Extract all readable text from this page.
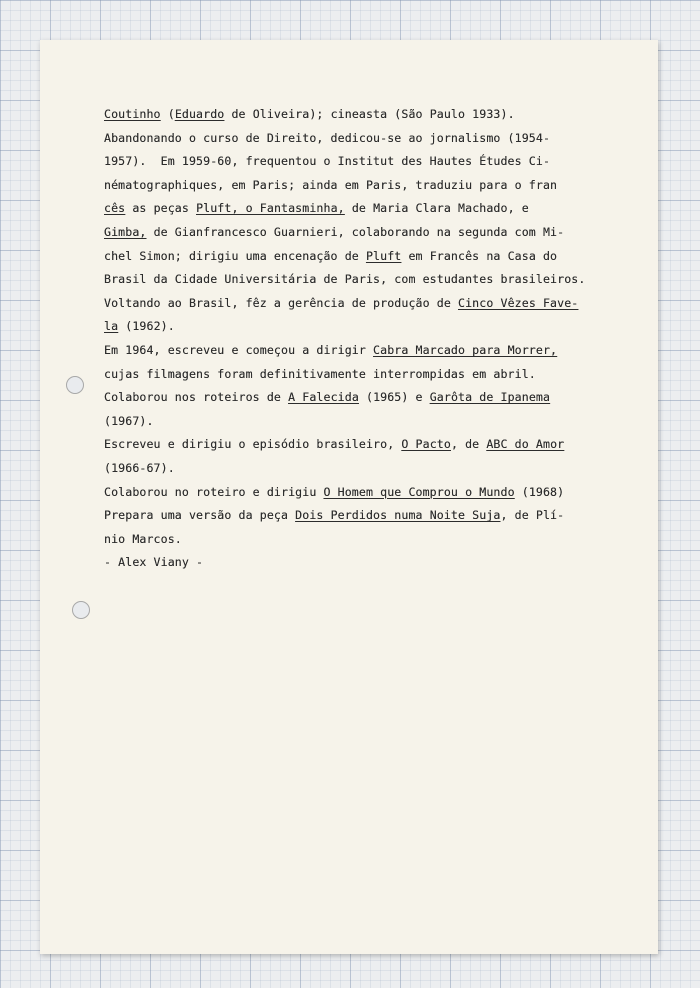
Coutinho (Eduardo de Oliveira); cineasta (São Paulo 1933).
Abandonando o curso de Direito, dedicou-se ao jornalismo (1954-
1957).  Em 1959-60, frequentou o Institut des Hautes Études Ci-
nématographiques, em Paris; ainda em Paris, traduziu para o fran
cês as peças Pluft, o Fantasminha, de Maria Clara Machado, e
Gimba, de Gianfrancesco Guarnieri, colaborando na segunda com Mi-
chel Simon; dirigiu uma encenação de Pluft em Francês na Casa do
Brasil da Cidade Universitária de Paris, com estudantes brasileiros.
Voltando ao Brasil, fêz a gerência de produção de Cinco Vêzes Fave-
la (1962).
Em 1964, escreveu e começou a dirigir Cabra Marcado para Morrer,
cujas filmagens foram definitivamente interrompidas em abril.
Colaborou nos roteiros de A Falecida (1965) e Garôta de Ipanema
(1967).
Escreveu e dirigiu o episódio brasileiro, O Pacto, de ABC do Amor
(1966-67).
Colaborou no roteiro e dirigiu O Homem que Comprou o Mundo (1968)
Prepara uma versão da peça Dois Perdidos numa Noite Suja, de Plí-
nio Marcos.
- Alex Viany -
